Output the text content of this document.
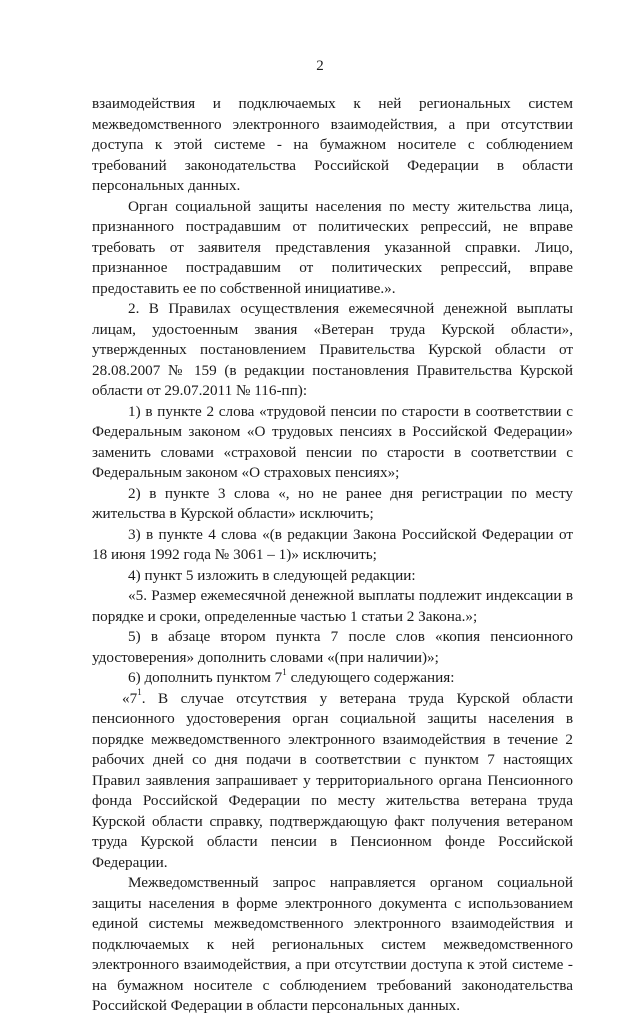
2

взаимодействия и подключаемых к ней региональных систем межведомственного электронного взаимодействия, а при отсутствии доступа к этой системе - на бумажном носителе с соблюдением требований законодательства Российской Федерации в области персональных данных.

Орган социальной защиты населения по месту жительства лица, признанного пострадавшим от политических репрессий, не вправе требовать от заявителя представления указанной справки. Лицо, признанное пострадавшим от политических репрессий, вправе предоставить ее по собственной инициативе.».

2. В Правилах осуществления ежемесячной денежной выплаты лицам, удостоенным звания «Ветеран труда Курской области», утвержденных постановлением Правительства Курской области от 28.08.2007 № 159 (в редакции постановления Правительства Курской области от 29.07.2011 № 116-пп):

1) в пункте 2 слова «трудовой пенсии по старости в соответствии с Федеральным законом «О трудовых пенсиях в Российской Федерации» заменить словами «страховой пенсии по старости в соответствии с Федеральным законом «О страховых пенсиях»;

2) в пункте 3 слова «, но не ранее дня регистрации по месту жительства в Курской области» исключить;

3) в пункте 4 слова «(в редакции Закона Российской Федерации от 18 июня 1992 года № 3061 – 1)» исключить;

4) пункт 5 изложить в следующей редакции:

«5. Размер ежемесячной денежной выплаты подлежит индексации в порядке и сроки, определенные частью 1 статьи 2 Закона.»;

5) в абзаце втором пункта 7 после слов «копия пенсионного удостоверения» дополнить словами «(при наличии)»;

6) дополнить пунктом $7^1$ следующего содержания:

«$7^1$. В случае отсутствия у ветерана труда Курской области пенсионного удостоверения орган социальной защиты населения в порядке межведомственного электронного взаимодействия в течение 2 рабочих дней со дня подачи в соответствии с пунктом 7 настоящих Правил заявления запрашивает у территориального органа Пенсионного фонда Российской Федерации по месту жительства ветерана труда Курской области справку, подтверждающую факт получения ветераном труда Курской области пенсии в Пенсионном фонде Российской Федерации.

Межведомственный запрос направляется органом социальной защиты населения в форме электронного документа с использованием единой системы межведомственного электронного взаимодействия и подключаемых к ней региональных систем межведомственного электронного взаимодействия, а при отсутствии доступа к этой системе - на бумажном носителе с соблюдением требований законодательства Российской Федерации в области персональных данных.
